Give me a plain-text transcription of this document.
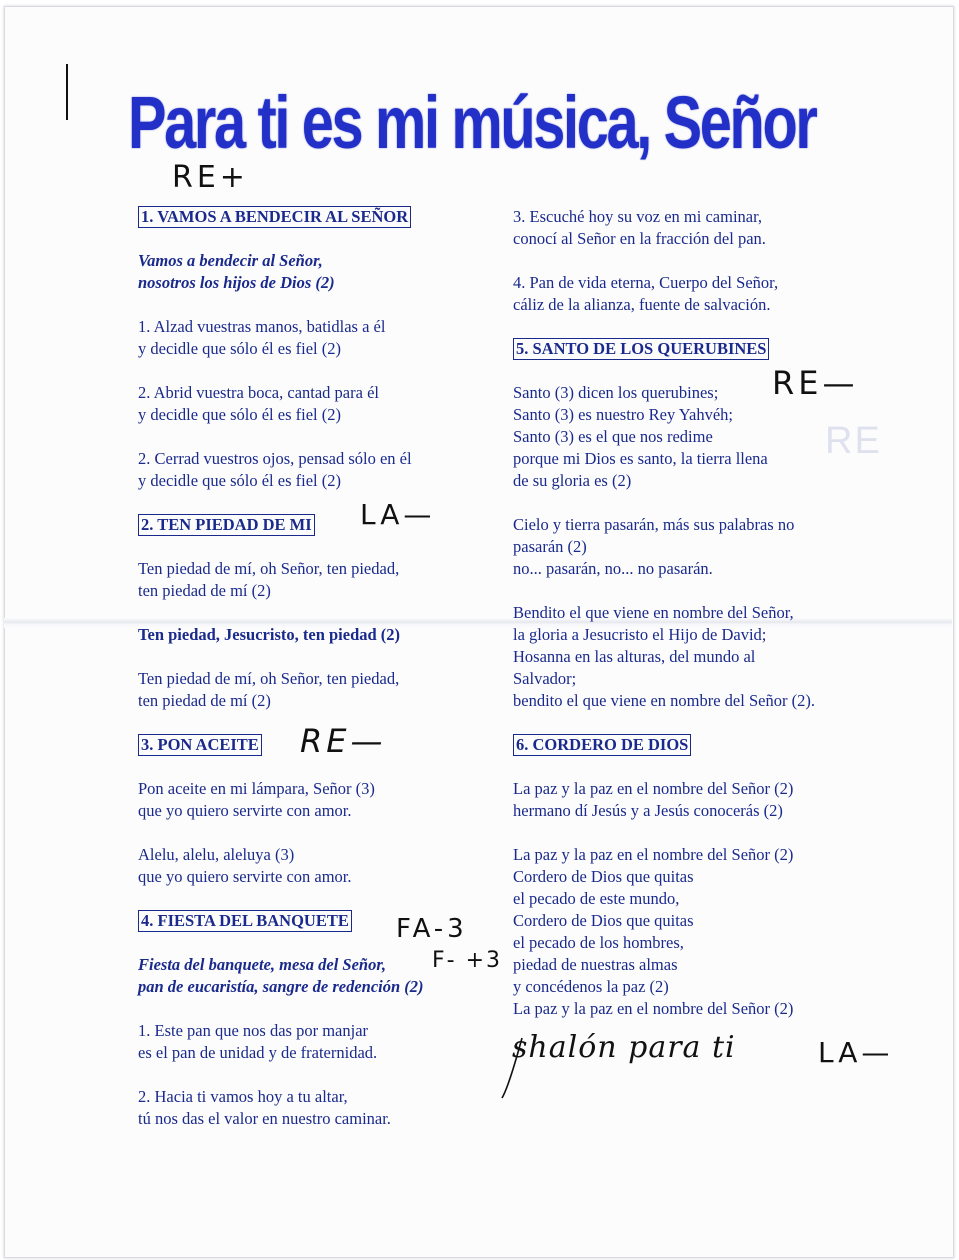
RE
Para ti es mi música, Señor
1. VAMOS A BENDECIR AL SEÑOR
Vamos a bendecir al Señor,
nosotros los hijos de Dios (2)
1. Alzad vuestras manos, batidlas a él
y decidle que sólo él es fiel (2)
2. Abrid vuestra boca, cantad para él
y decidle que sólo él es fiel (2)
2. Cerrad vuestros ojos, pensad sólo en él
y decidle que sólo él es fiel (2)
2. TEN PIEDAD DE MI
Ten piedad de mí, oh Señor, ten piedad,
ten piedad de mí (2)
Ten piedad, Jesucristo, ten piedad (2)
Ten piedad de mí, oh Señor, ten piedad,
ten piedad de mí (2)
3. PON ACEITE
Pon aceite en mi lámpara, Señor (3)
que yo quiero servirte con amor.
Alelu, alelu, aleluya (3)
que yo quiero servirte con amor.
4. FIESTA DEL BANQUETE
Fiesta del banquete, mesa del Señor,
pan de eucaristía, sangre de redención (2)
1. Este pan que nos das por manjar
es el pan de unidad y de fraternidad.
2. Hacia ti vamos hoy a tu altar,
tú nos das el valor en nuestro caminar.
3. Escuché hoy su voz en mi caminar,
conocí al Señor en la fracción del pan.
4. Pan de vida eterna, Cuerpo del Señor,
cáliz de la alianza, fuente de salvación.
5. SANTO DE LOS QUERUBINES
Santo (3) dicen los querubines;
Santo (3) es nuestro Rey Yahvéh;
Santo (3) es el que nos redime
porque mi Dios es santo, la tierra llena
de su gloria es (2)
Cielo y tierra pasarán, más sus palabras no
pasarán (2)
no... pasarán, no... no pasarán.
Bendito el que viene en nombre del Señor,
la gloria a Jesucristo el Hijo de David;
Hosanna en las alturas, del mundo al
Salvador;
bendito el que viene en nombre del Señor (2).
6. CORDERO DE DIOS
La paz y la paz en el nombre del Señor (2)
hermano dí Jesús y a Jesús conocerás (2)
La paz y la paz en el nombre del Señor (2)
Cordero de Dios que quitas
el pecado de este mundo,
Cordero de Dios que quitas
el pecado de los hombres,
piedad de nuestras almas
y concédenos la paz (2)
La paz y la paz en el nombre del Señor (2)
RE+
LA—
RE—
FA-3
F- +3
RE—
LA—
shalón para ti
